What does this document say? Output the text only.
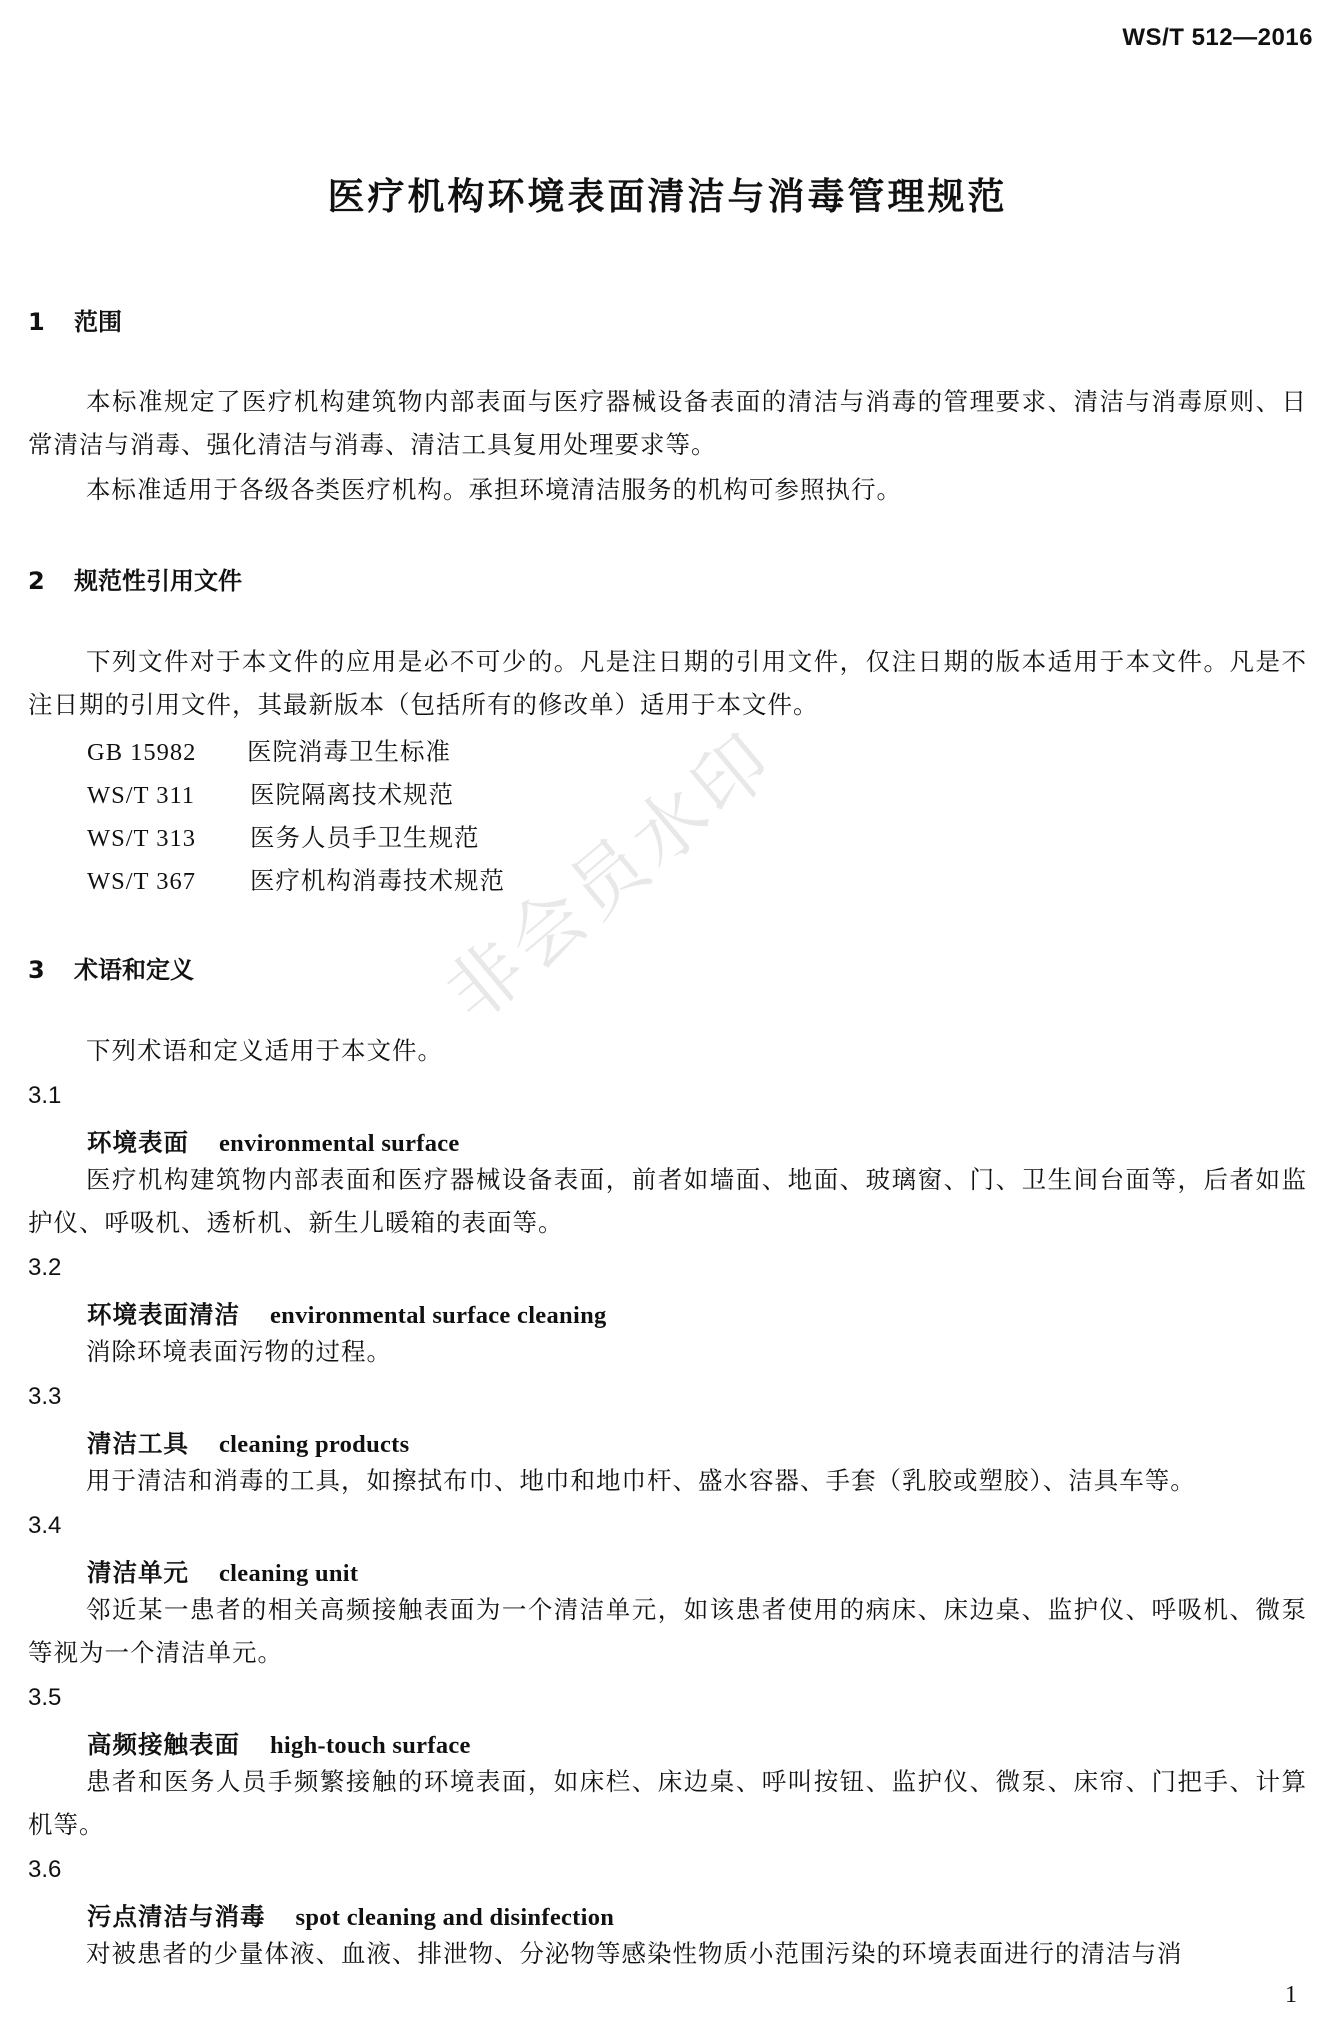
WS/T 512—2016
医疗机构环境表面清洁与消毒管理规范
1 范围
本标准规定了医疗机构建筑物内部表面与医疗器械设备表面的清洁与消毒的管理要求、清洁与消毒原则、日常清洁与消毒、强化清洁与消毒、清洁工具复用处理要求等。
本标准适用于各级各类医疗机构。承担环境清洁服务的机构可参照执行。
2 规范性引用文件
下列文件对于本文件的应用是必不可少的。凡是注日期的引用文件，仅注日期的版本适用于本文件。凡是不注日期的引用文件，其最新版本（包括所有的修改单）适用于本文件。
GB 15982 医院消毒卫生标准
WS/T 311 医院隔离技术规范
WS/T 313 医务人员手卫生规范
WS/T 367 医疗机构消毒技术规范
3 术语和定义
下列术语和定义适用于本文件。
3.1
环境表面 environmental surface
医疗机构建筑物内部表面和医疗器械设备表面，前者如墙面、地面、玻璃窗、门、卫生间台面等，后者如监护仪、呼吸机、透析机、新生儿暖箱的表面等。
3.2
环境表面清洁 environmental surface cleaning
消除环境表面污物的过程。
3.3
清洁工具 cleaning products
用于清洁和消毒的工具，如擦拭布巾、地巾和地巾杆、盛水容器、手套（乳胶或塑胶）、洁具车等。
3.4
清洁单元 cleaning unit
邻近某一患者的相关高频接触表面为一个清洁单元，如该患者使用的病床、床边桌、监护仪、呼吸机、微泵等视为一个清洁单元。
3.5
高频接触表面 high-touch surface
患者和医务人员手频繁接触的环境表面，如床栏、床边桌、呼叫按钮、监护仪、微泵、床帘、门把手、计算机等。
3.6
污点清洁与消毒 spot cleaning and disinfection
对被患者的少量体液、血液、排泄物、分泌物等感染性物质小范围污染的环境表面进行的清洁与消
非会员水印
1
